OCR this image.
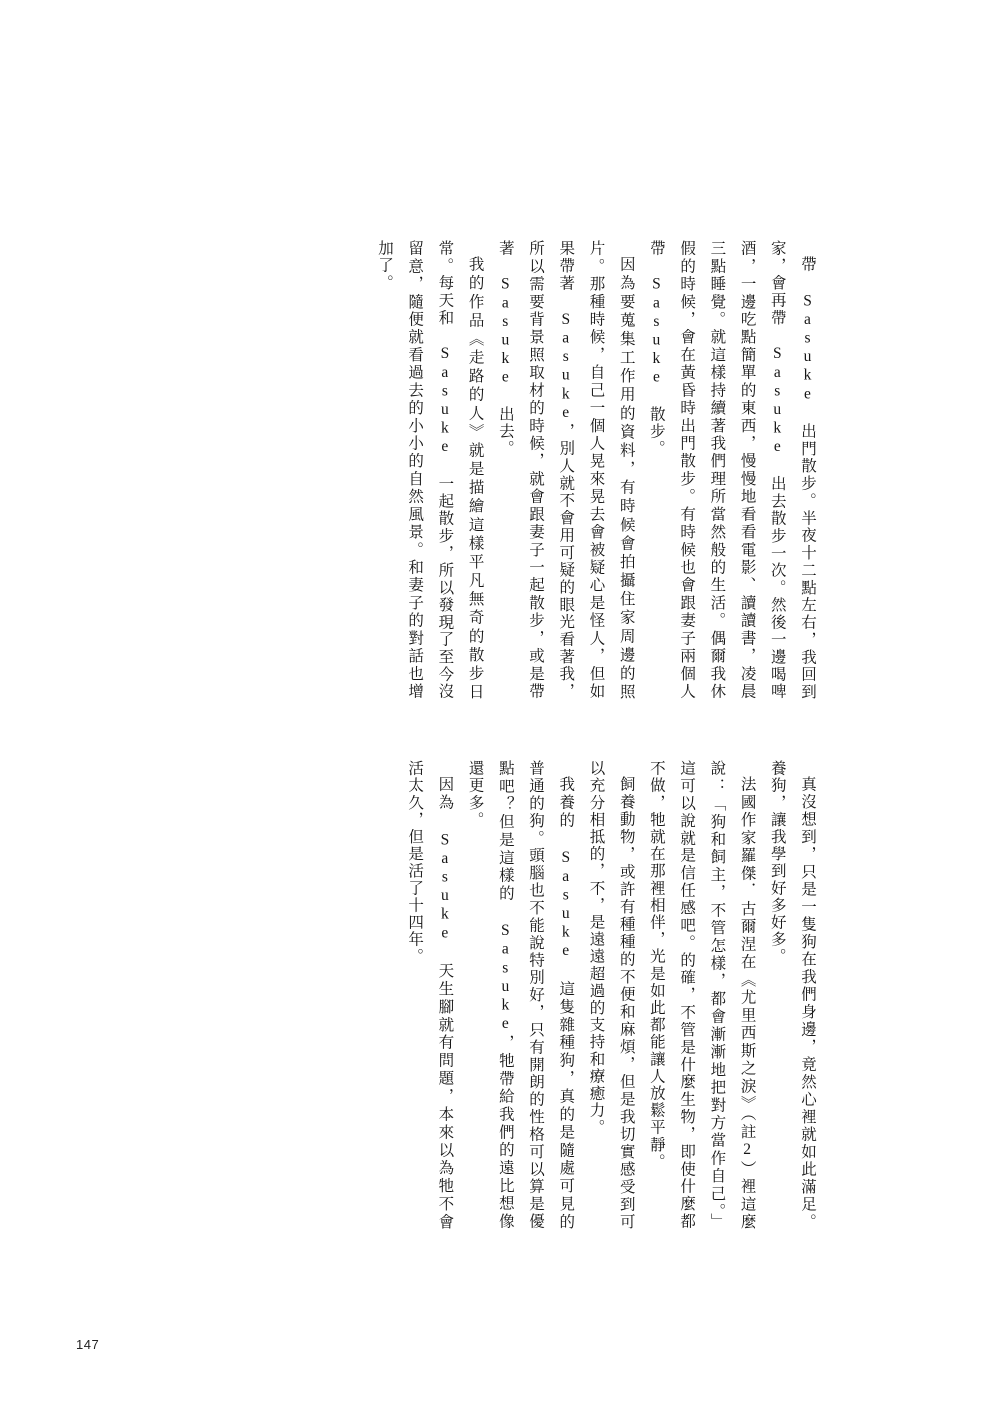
帶 Sasuke 出門散步。半夜十二點左右，我回到家，會再帶 Sasuke 出去散步一次。然後一邊喝啤酒，一邊吃點簡單的東西，慢慢地看看電影、讀讀書，凌晨三點睡覺。就這樣持續著我們理所當然般的生活。偶爾我休假的時候，會在黃昏時出門散步。有時候也會跟妻子兩個人帶 Sasuke 散步。

因為要蒐集工作用的資料，有時候會拍攝住家周邊的照片。那種時候，自己一個人晃來晃去會被疑心是怪人，但如果帶著 Sasuke，別人就不會用可疑的眼光看著我，所以需要背景照取材的時候，就會跟妻子一起散步，或是帶著 Sasuke 出去。

我的作品《走路的人》就是描繪這樣平凡無奇的散步日常。每天和 Sasuke 一起散步，所以發現了至今沒留意，隨便就看過去的小小的自然風景。和妻子的對話也增加了。

真沒想到，只是一隻狗在我們身邊，竟然心裡就如此滿足。養狗，讓我學到好多好多。

法國作家羅傑．古爾涅在《尤里西斯之淚》（註2）裡這麼說：「狗和飼主，不管怎樣，都會漸漸地把對方當作自己。」這可以說就是信任感吧。的確，不管是什麼生物，即使什麼都不做，牠就在那裡相伴，光是如此都能讓人放鬆平靜。

飼養動物，或許有種種的不便和麻煩，但是我切實感受到可以充分相抵的，不，是遠遠超過的支持和療癒力。

我養的 Sasuke 這隻雜種狗，真的是隨處可見的普通的狗。頭腦也不能說特別好，只有開朗的性格可以算是優點吧？但是這樣的 Sasuke，牠帶給我們的遠比想像還更多。

因為 Sasuke 天生腳就有問題，本來以為牠不會活太久，但是活了十四年。

147
